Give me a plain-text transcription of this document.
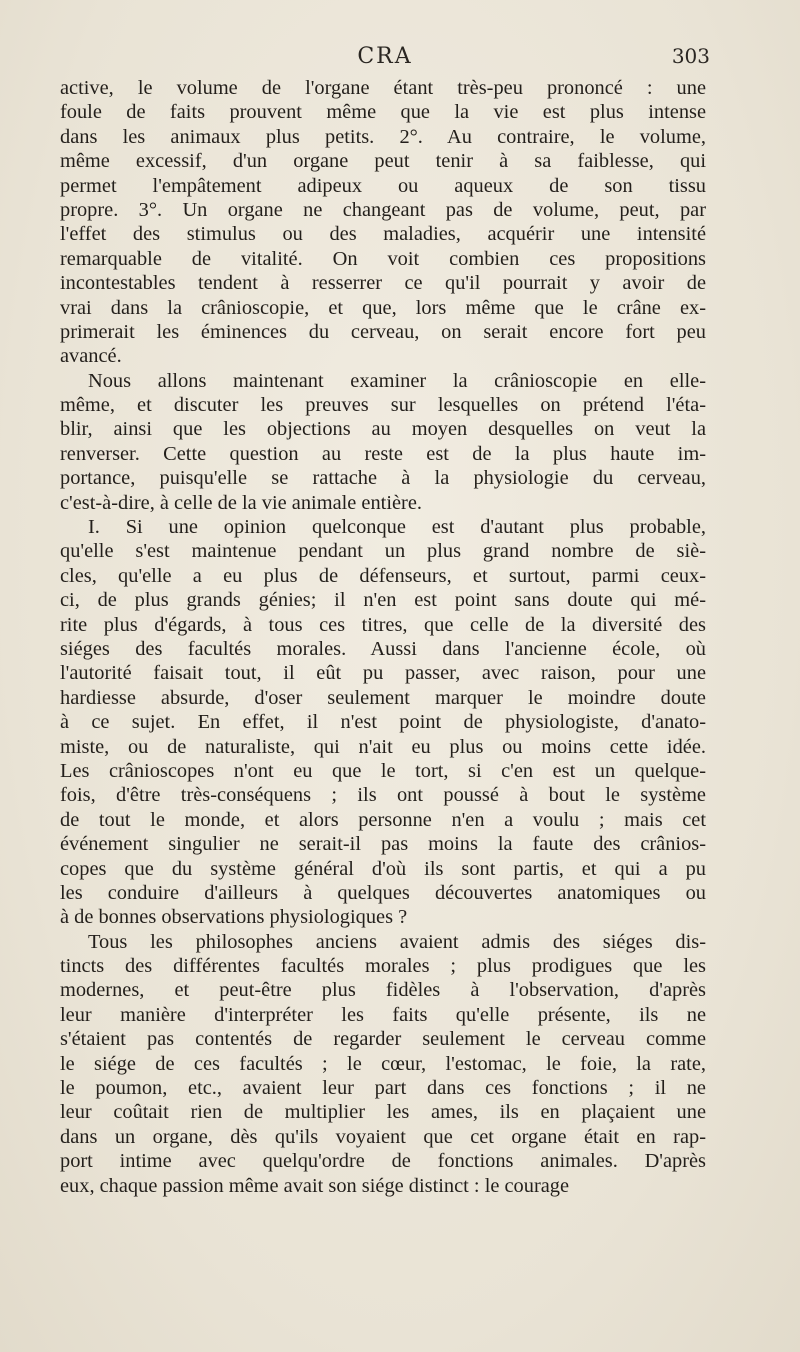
CRA	303
active, le volume de l'organe étant très-peu prononcé : une
foule de faits prouvent même que la vie est plus intense
dans les animaux plus petits. 2°. Au contraire, le volume,
même excessif, d'un organe peut tenir à sa faiblesse, qui
permet l'empâtement adipeux ou aqueux de son tissu
propre. 3°. Un organe ne changeant pas de volume, peut, par
l'effet des stimulus ou des maladies, acquérir une intensité
remarquable de vitalité. On voit combien ces propositions
incontestables tendent à resserrer ce qu'il pourrait y avoir de
vrai dans la crânioscopie, et que, lors même que le crâne ex-
primerait les éminences du cerveau, on serait encore fort peu
avancé.
Nous allons maintenant examiner la crânioscopie en elle-
même, et discuter les preuves sur lesquelles on prétend l'éta-
blir, ainsi que les objections au moyen desquelles on veut la
renverser. Cette question au reste est de la plus haute im-
portance, puisqu'elle se rattache à la physiologie du cerveau,
c'est-à-dire, à celle de la vie animale entière.
I. Si une opinion quelconque est d'autant plus probable,
qu'elle s'est maintenue pendant un plus grand nombre de siè-
cles, qu'elle a eu plus de défenseurs, et surtout, parmi ceux-
ci, de plus grands génies; il n'en est point sans doute qui mé-
rite plus d'égards, à tous ces titres, que celle de la diversité des
siéges des facultés morales. Aussi dans l'ancienne école, où
l'autorité faisait tout, il eût pu passer, avec raison, pour une
hardiesse absurde, d'oser seulement marquer le moindre doute
à ce sujet. En effet, il n'est point de physiologiste, d'anato-
miste, ou de naturaliste, qui n'ait eu plus ou moins cette idée.
Les crânioscopes n'ont eu que le tort, si c'en est un quelque-
fois, d'être très-conséquens ; ils ont poussé à bout le système
de tout le monde, et alors personne n'en a voulu ; mais cet
événement singulier ne serait-il pas moins la faute des crânios-
copes que du système général d'où ils sont partis, et qui a pu
les conduire d'ailleurs à quelques découvertes anatomiques ou
à de bonnes observations physiologiques ?
Tous les philosophes anciens avaient admis des siéges dis-
tincts des différentes facultés morales ; plus prodigues que les
modernes, et peut-être plus fidèles à l'observation, d'après
leur manière d'interpréter les faits qu'elle présente, ils ne
s'étaient pas contentés de regarder seulement le cerveau comme
le siége de ces facultés ; le cœur, l'estomac, le foie, la rate,
le poumon, etc., avaient leur part dans ces fonctions ; il ne
leur coûtait rien de multiplier les ames, ils en plaçaient une
dans un organe, dès qu'ils voyaient que cet organe était en rap-
port intime avec quelqu'ordre de fonctions animales. D'après
eux, chaque passion même avait son siége distinct : le courage
